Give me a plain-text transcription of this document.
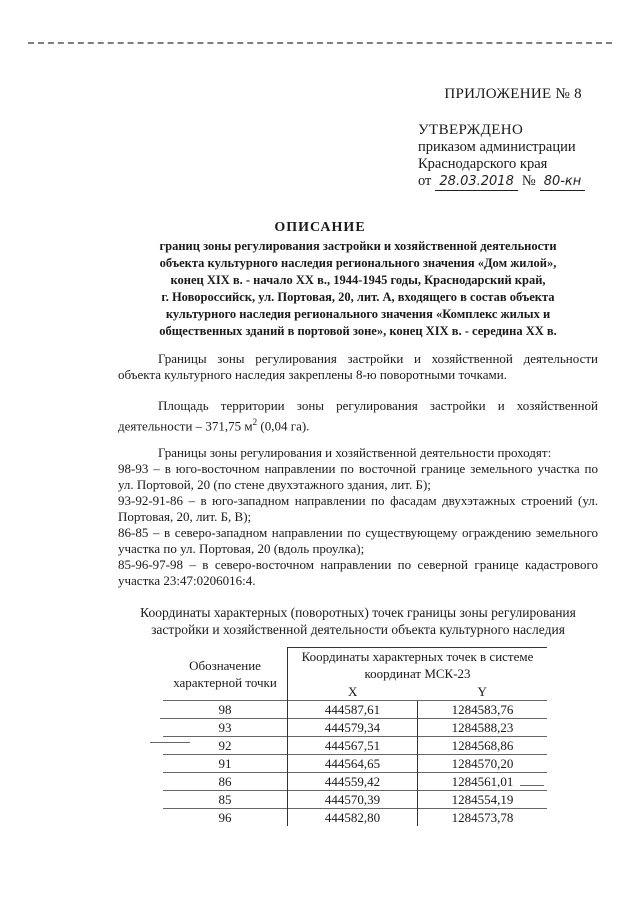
ПРИЛОЖЕНИЕ № 8
УТВЕРЖДЕНО
приказом администрации
Краснодарского края
от 28.03.2018 № 80-кн
ОПИСАНИЕ
границ зоны регулирования застройки и хозяйственной деятельности
объекта культурного наследия регионального значения «Дом жилой»,
конец XIX в. - начало XX в., 1944-1945 годы, Краснодарский край,
г. Новороссийск, ул. Портовая, 20, лит. А, входящего в состав объекта
культурного наследия регионального значения «Комплекс жилых и
общественных зданий в портовой зоне», конец XIX в. - середина XX в.
Границы зоны регулирования застройки и хозяйственной деятельности объекта культурного наследия закреплены 8-ю поворотными точками.
Площадь территории зоны регулирования застройки и хозяйственной деятельности – 371,75 $м^2$ (0,04 га).
Границы зоны регулирования и хозяйственной деятельности проходят:
98-93 – в юго-восточном направлении по восточной границе земельного участка по ул. Портовой, 20 (по стене двухэтажного здания, лит. Б);
93-92-91-86 – в юго-западном направлении по фасадам двухэтажных строений (ул. Портовая, 20, лит. Б, В);
86-85 – в северо-западном направлении по существующему ограждению земельного участка по ул. Портовая, 20 (вдоль проулка);
85-96-97-98 – в северо-восточном направлении по северной границе кадастрового участка 23:47:0206016:4.
Координаты характерных (поворотных) точек границы зоны регулирования застройки и хозяйственной деятельности объекта культурного наследия
Обозначение характерной точки	Координаты характерных точек в системе координат МСК-23	
	X	Y
98	444587,61	1284583,76
93	444579,34	1284588,23
92	444567,51	1284568,86
91	444564,65	1284570,20
86	444559,42	1284561,01
85	444570,39	1284554,19
96	444582,80	1284573,78
